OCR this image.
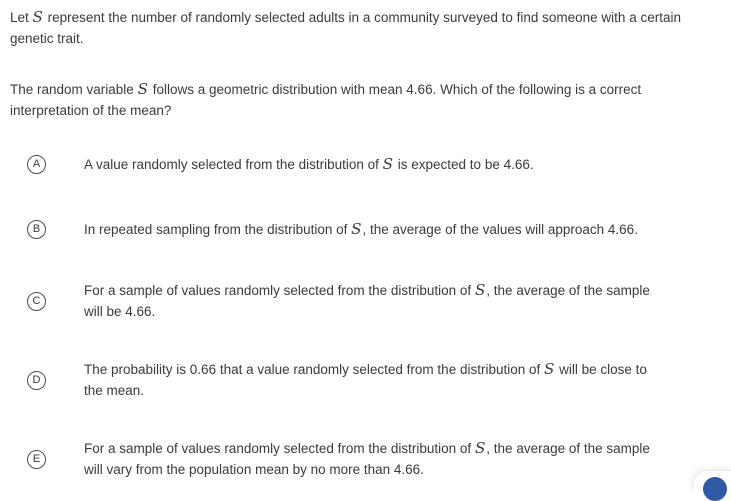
Let S represent the number of randomly selected adults in a community surveyed to find someone with a certain
genetic trait.

The random variable S follows a geometric distribution with mean 4.66. Which of the following is a correct
interpretation of the mean?

A	A value randomly selected from the distribution of S is expected to be 4.66.
B	In repeated sampling from the distribution of S, the average of the values will approach 4.66.
C
For a sample of values randomly selected from the distribution of S, the average of the sample
will be 4.66.
D
The probability is 0.66 that a value randomly selected from the distribution of S will be close to
the mean.
E
For a sample of values randomly selected from the distribution of S, the average of the sample
will vary from the population mean by no more than 4.66.
